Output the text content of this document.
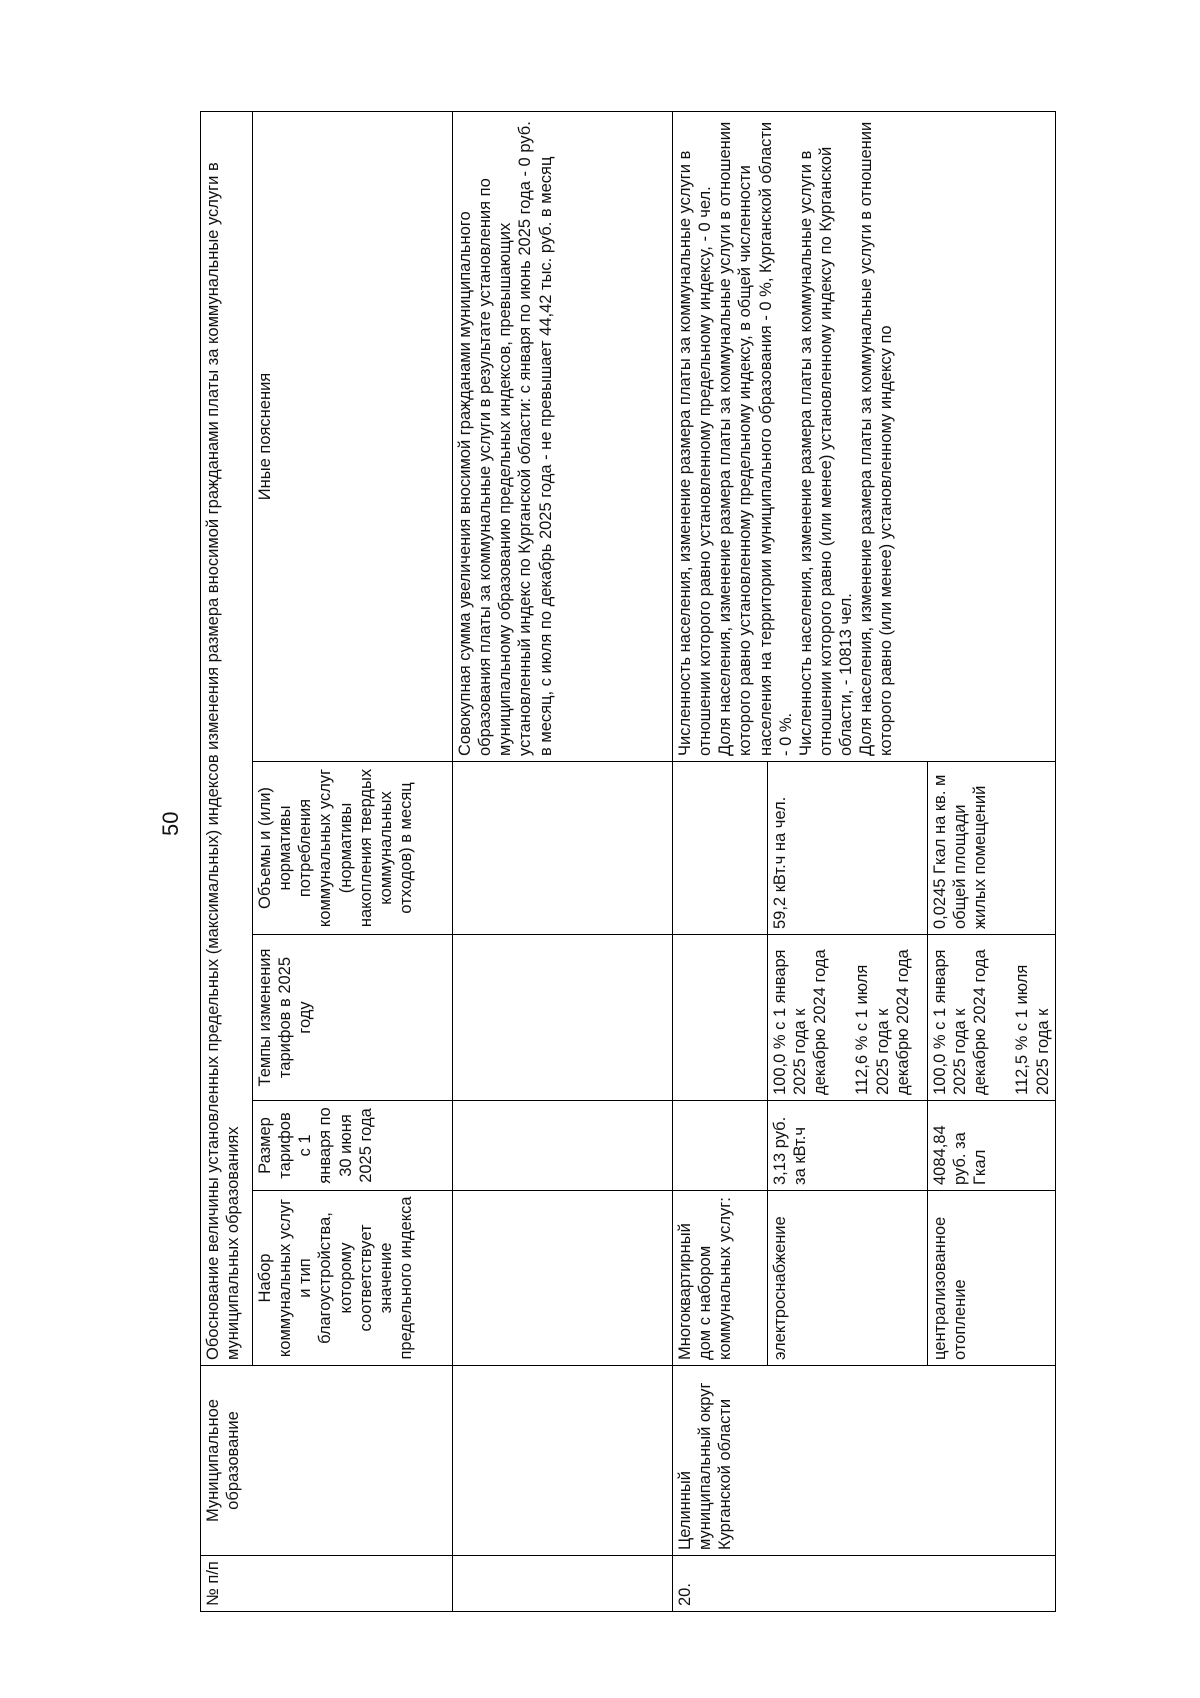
50
№ п/п	Муниципальное образование	Обоснование величины установленных предельных (максимальных) индексов изменения размера вносимой гражданами платы за коммунальные услуги в муниципальных образованиях				
		Набор коммунальных услуг и тип благоустройства, которому соответствует значение предельного индекса	Размер тарифов с 1 января по 30 июня 2025 года	Темпы изменения тарифов в 2025 году	Объемы и (или) нормативы потребления коммунальных услуг (нормативы накопления твердых коммунальных отходов) в месяц	Иные пояснения
						Совокупная сумма увеличения вносимой гражданами муниципального образования платы за коммунальные услуги в результате установления по муниципальному образованию предельных индексов, превышающих установленный индекс по Курганской области: с января по июнь 2025 года - 0 руб. в месяц, с июля по декабрь 2025 года - не превышает 44,42 тыс. руб. в месяц
20.	Целинный муниципальный округ Курганской области	Многоквартирный дом с набором коммунальных услуг:				Численность населения, изменение размера платы за коммунальные услуги в отношении которого равно установленному предельному индексу, - 0 чел. Доля населения, изменение размера платы за коммунальные услуги в отношении которого равно установленному предельному индексу, в общей численности населения на территории муниципального образования - 0 %, Курганской области - 0 %. Численность населения, изменение размера платы за коммунальные услуги в отношении которого равно (или менее) установленному индексу по Курганской области, - 10813 чел. Доля населения, изменение размера платы за коммунальные услуги в отношении которого равно (или менее) установленному индексу по

		электроснабжение	3,13 руб. за кВт.ч	100,0 % с 1 января 2025 года к декабрю 2024 года 112,6 % с 1 июля 2025 года к декабрю 2024 года	59,2 кВт.ч на чел.	
		централизованное отопление	4084,84 руб. за Гкал	100,0 % с 1 января 2025 года к декабрю 2024 года 112,5 % с 1 июля 2025 года к	0,0245 Гкал на кв. м общей площади жилых помещений	
